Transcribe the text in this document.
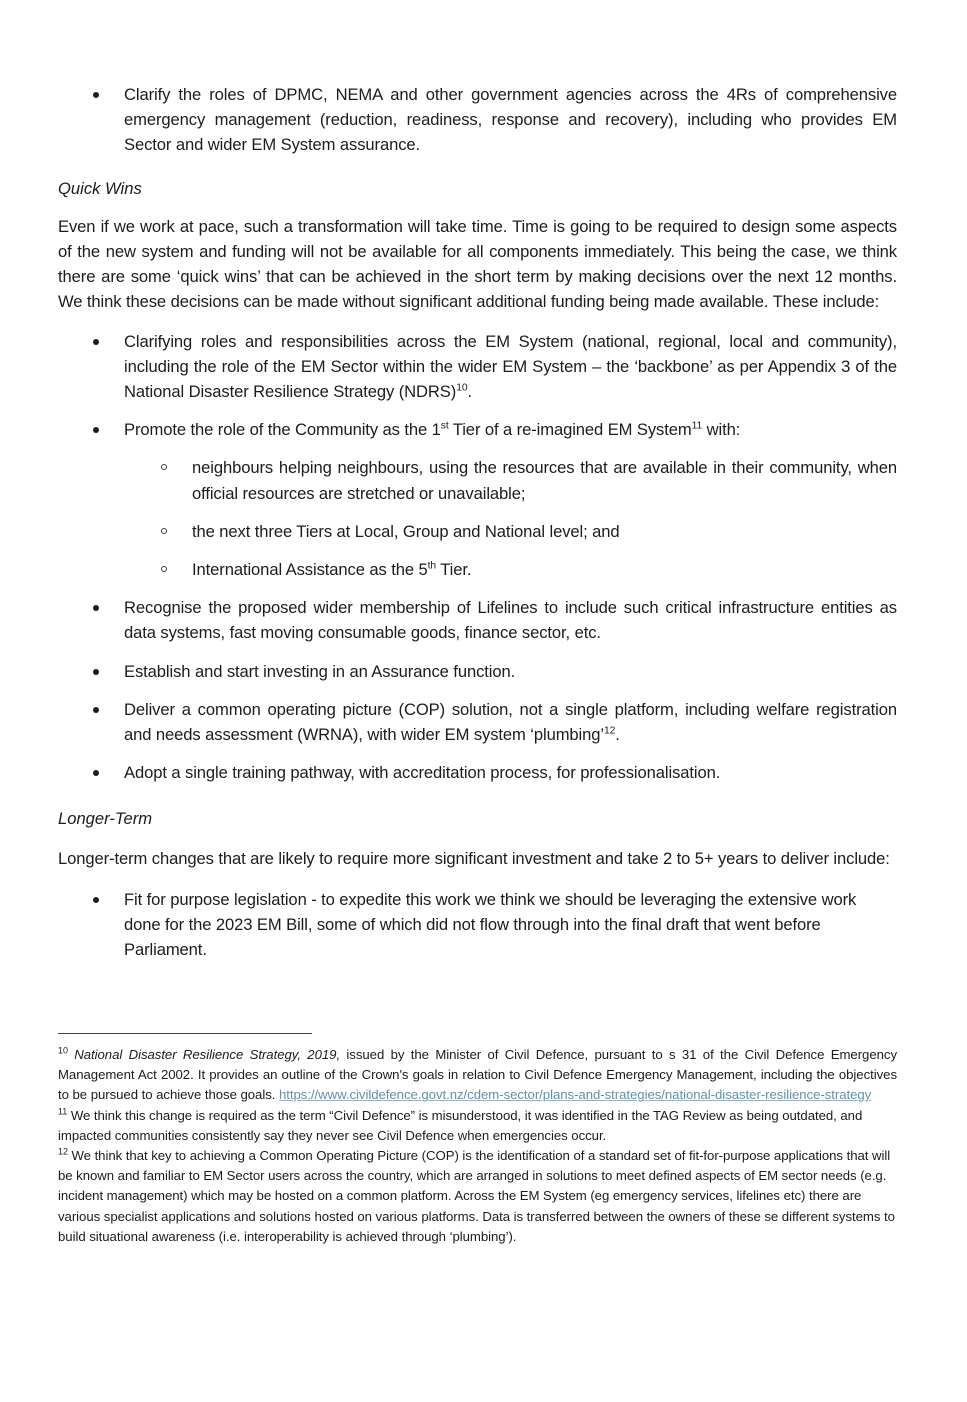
Clarify the roles of DPMC, NEMA and other government agencies across the 4Rs of comprehensive emergency management (reduction, readiness, response and recovery), including who provides EM Sector and wider EM System assurance.
Quick Wins

Even if we work at pace, such a transformation will take time. Time is going to be required to design some aspects of the new system and funding will not be available for all components immediately. This being the case, we think there are some ‘quick wins’ that can be achieved in the short term by making decisions over the next 12 months. We think these decisions can be made without significant additional funding being made available. These include:

Clarifying roles and responsibilities across the EM System (national, regional, local and community), including the role of the EM Sector within the wider EM System – the ‘backbone’ as per Appendix 3 of the National Disaster Resilience Strategy (NDRS)$^{10}$.
Promote the role of the Community as the 1st Tier of a re-imagined EM System$^{11}$ with:
neighbours helping neighbours, using the resources that are available in their community, when official resources are stretched or unavailable;
the next three Tiers at Local, Group and National level; and
International Assistance as the 5th Tier.
Recognise the proposed wider membership of Lifelines to include such critical infrastructure entities as data systems, fast moving consumable goods, finance sector, etc.
Establish and start investing in an Assurance function.
Deliver a common operating picture (COP) solution, not a single platform, including welfare registration and needs assessment (WRNA), with wider EM system ‘plumbing’$^{12}$.
Adopt a single training pathway, with accreditation process, for professionalisation.
Longer-Term

Longer-term changes that are likely to require more significant investment and take 2 to 5+ years to deliver include:

Fit for purpose legislation - to expedite this work we think we should be leveraging the extensive work done for the 2023 EM Bill, some of which did not flow through into the final draft that went before Parliament.

$^{10}$ National Disaster Resilience Strategy, 2019, issued by the Minister of Civil Defence, pursuant to s 31 of the Civil Defence Emergency Management Act 2002. It provides an outline of the Crown's goals in relation to Civil Defence Emergency Management, including the objectives to be pursued to achieve those goals. https://www.civildefence.govt.nz/cdem-sector/plans-and-strategies/national-disaster-resilience-strategy

$^{11}$ We think this change is required as the term “Civil Defence” is misunderstood, it was identified in the TAG Review as being outdated, and impacted communities consistently say they never see Civil Defence when emergencies occur.

$^{12}$ We think that key to achieving a Common Operating Picture (COP) is the identification of a standard set of fit-for-purpose applications that will be known and familiar to EM Sector users across the country, which are arranged in solutions to meet defined aspects of EM sector needs (e.g. incident management) which may be hosted on a common platform. Across the EM System (eg emergency services, lifelines etc) there are various specialist applications and solutions hosted on various platforms. Data is transferred between the owners of these se different systems to build situational awareness (i.e. interoperability is achieved through ‘plumbing’).
